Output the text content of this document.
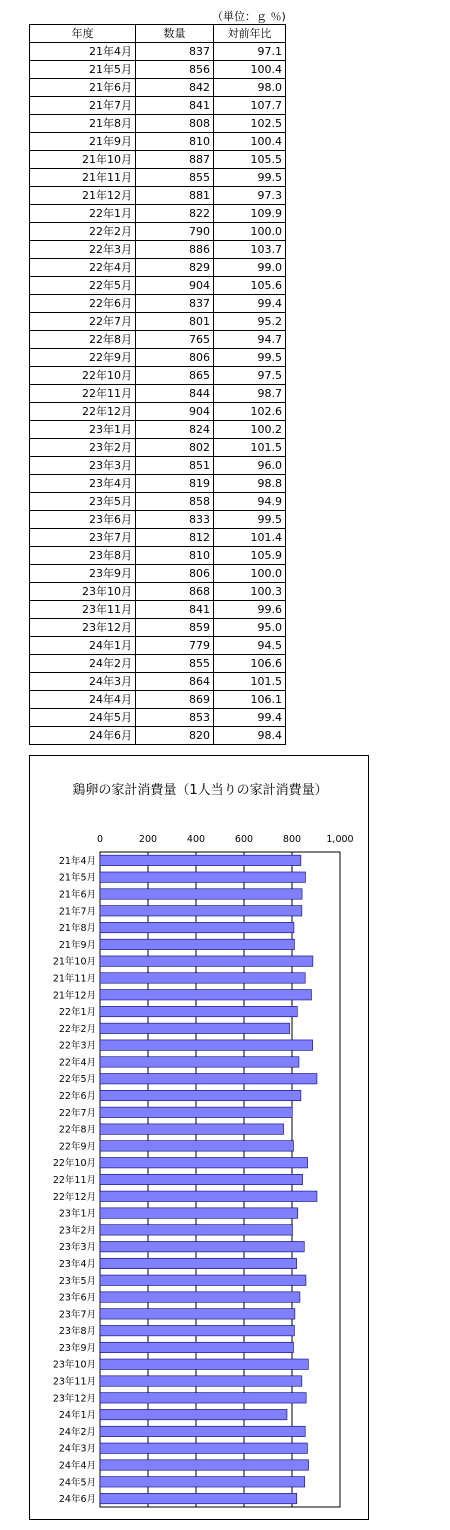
（単位：ｇ ％)
年度	数量	対前年比
21年4月	837	97.1
21年5月	856	100.4
21年6月	842	98.0
21年7月	841	107.7
21年8月	808	102.5
21年9月	810	100.4
21年10月	887	105.5
21年11月	855	99.5
21年12月	881	97.3
22年1月	822	109.9
22年2月	790	100.0
22年3月	886	103.7
22年4月	829	99.0
22年5月	904	105.6
22年6月	837	99.4
22年7月	801	95.2
22年8月	765	94.7
22年9月	806	99.5
22年10月	865	97.5
22年11月	844	98.7
22年12月	904	102.6
23年1月	824	100.2
23年2月	802	101.5
23年3月	851	96.0
23年4月	819	98.8
23年5月	858	94.9
23年6月	833	99.5
23年7月	812	101.4
23年8月	810	105.9
23年9月	806	100.0
23年10月	868	100.3
23年11月	841	99.6
23年12月	859	95.0
24年1月	779	94.5
24年2月	855	106.6
24年3月	864	101.5
24年4月	869	106.1
24年5月	853	99.4
24年6月	820	98.4
鶏卵の家計消費量（1人当りの家計消費量）
0	200	400	600	800	1,000
21年4月
21年5月
21年6月
21年7月
21年8月
21年9月
21年10月
21年11月
21年12月
22年1月
22年2月
22年3月
22年4月
22年5月
22年6月
22年7月
22年8月
22年9月
22年10月
22年11月
22年12月
23年1月
23年2月
23年3月
23年4月
23年5月
23年6月
23年7月
23年8月
23年9月
23年10月
23年11月
23年12月
24年1月
24年2月
24年3月
24年4月
24年5月
24年6月
